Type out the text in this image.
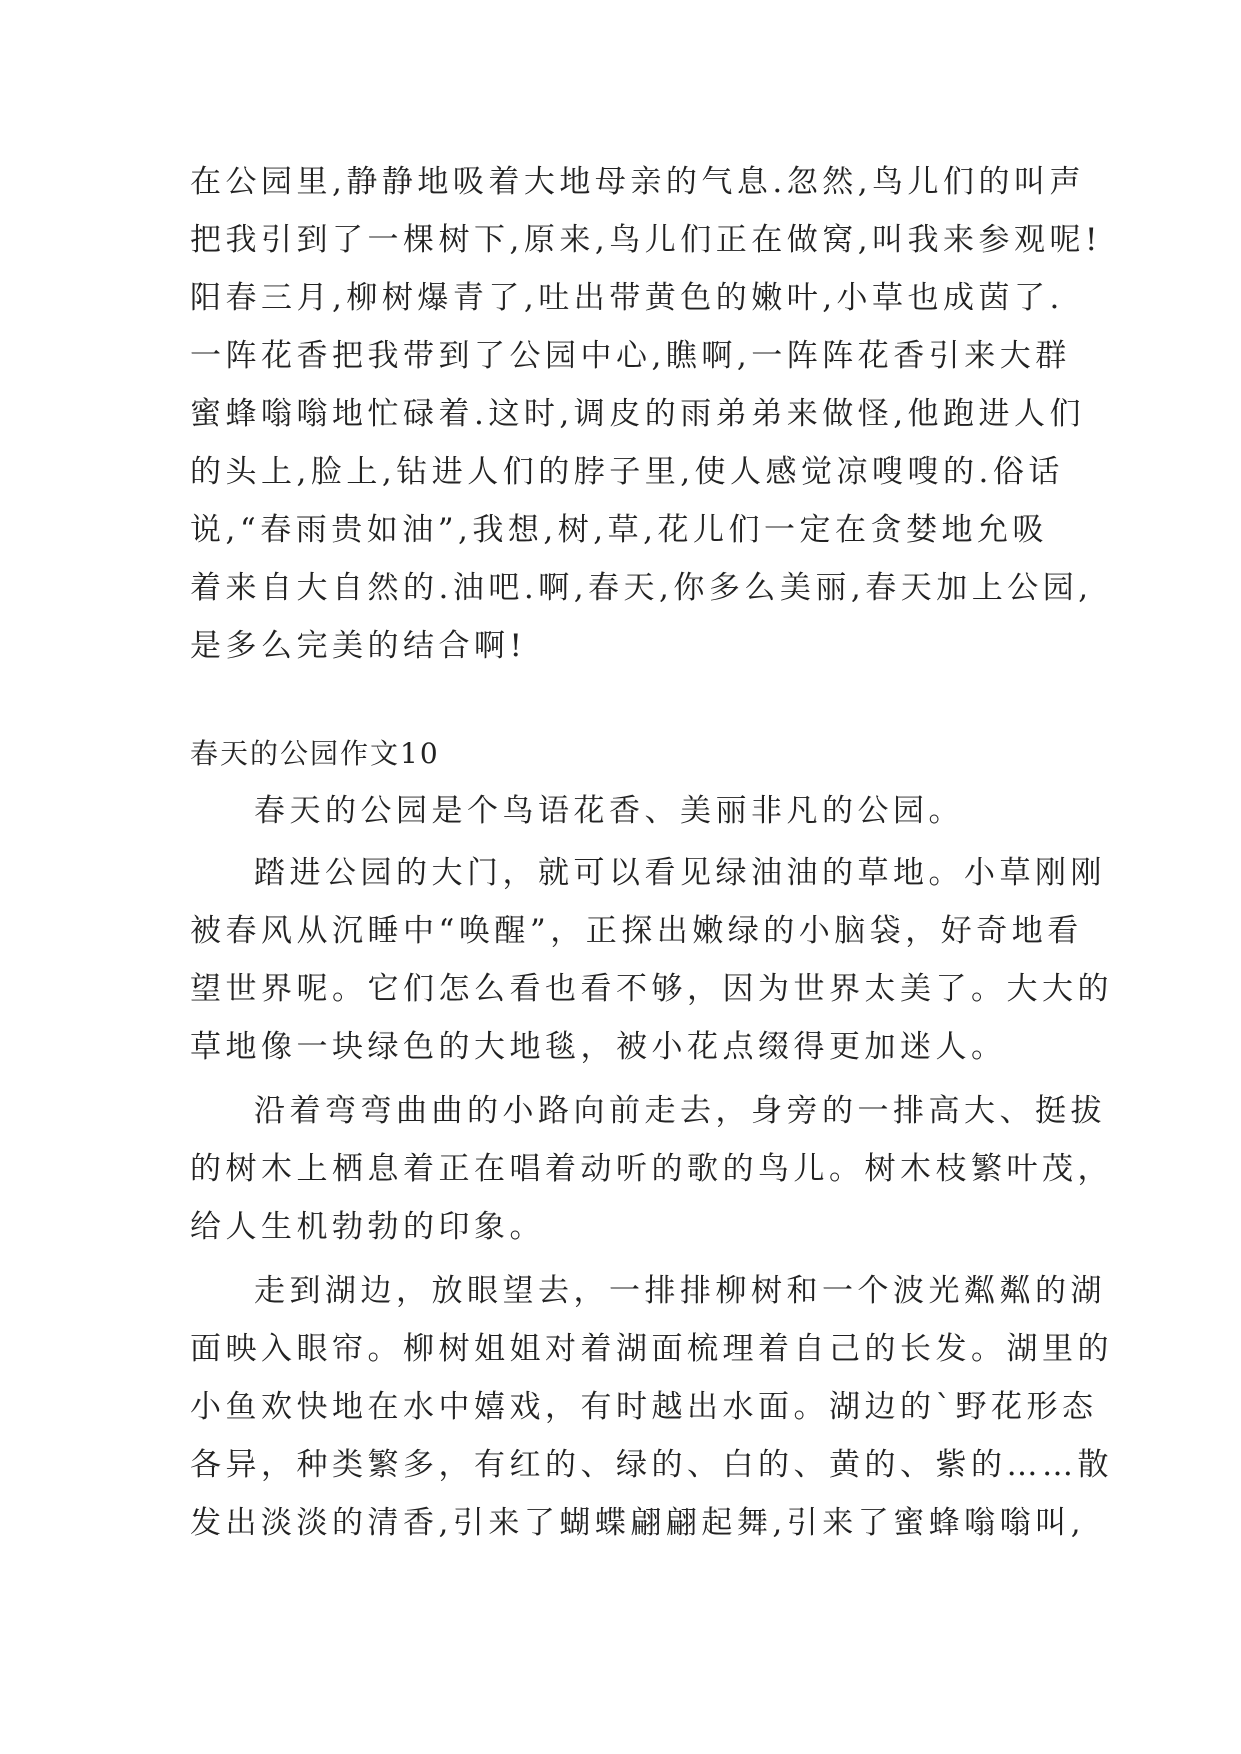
在公园里,静静地吸着大地母亲的气息.忽然,鸟儿们的叫声
把我引到了一棵树下,原来,鸟儿们正在做窝,叫我来参观呢!
阳春三月,柳树爆青了,吐出带黄色的嫩叶,小草也成茵了.
一阵花香把我带到了公园中心,瞧啊,一阵阵花香引来大群
蜜蜂嗡嗡地忙碌着.这时,调皮的雨弟弟来做怪,他跑进人们
的头上,脸上,钻进人们的脖子里,使人感觉凉嗖嗖的.俗话
说,“春雨贵如油”,我想,树,草,花儿们一定在贪婪地允吸
着来自大自然的.油吧.啊,春天,你多么美丽,春天加上公园,
是多么完美的结合啊!
春天的公园作文10
春天的公园是个鸟语花香、美丽非凡的公园。
踏进公园的大门，就可以看见绿油油的草地。小草刚刚
被春风从沉睡中“唤醒”，正探出嫩绿的小脑袋，好奇地看
望世界呢。它们怎么看也看不够，因为世界太美了。大大的
草地像一块绿色的大地毯，被小花点缀得更加迷人。
沿着弯弯曲曲的小路向前走去，身旁的一排高大、挺拔
的树木上栖息着正在唱着动听的歌的鸟儿。树木枝繁叶茂，
给人生机勃勃的印象。
走到湖边，放眼望去，一排排柳树和一个波光粼粼的湖
面映入眼帘。柳树姐姐对着湖面梳理着自己的长发。湖里的
小鱼欢快地在水中嬉戏，有时越出水面。湖边的`野花形态
各异，种类繁多，有红的、绿的、白的、黄的、紫的……散
发出淡淡的清香,引来了蝴蝶翩翩起舞,引来了蜜蜂嗡嗡叫,
